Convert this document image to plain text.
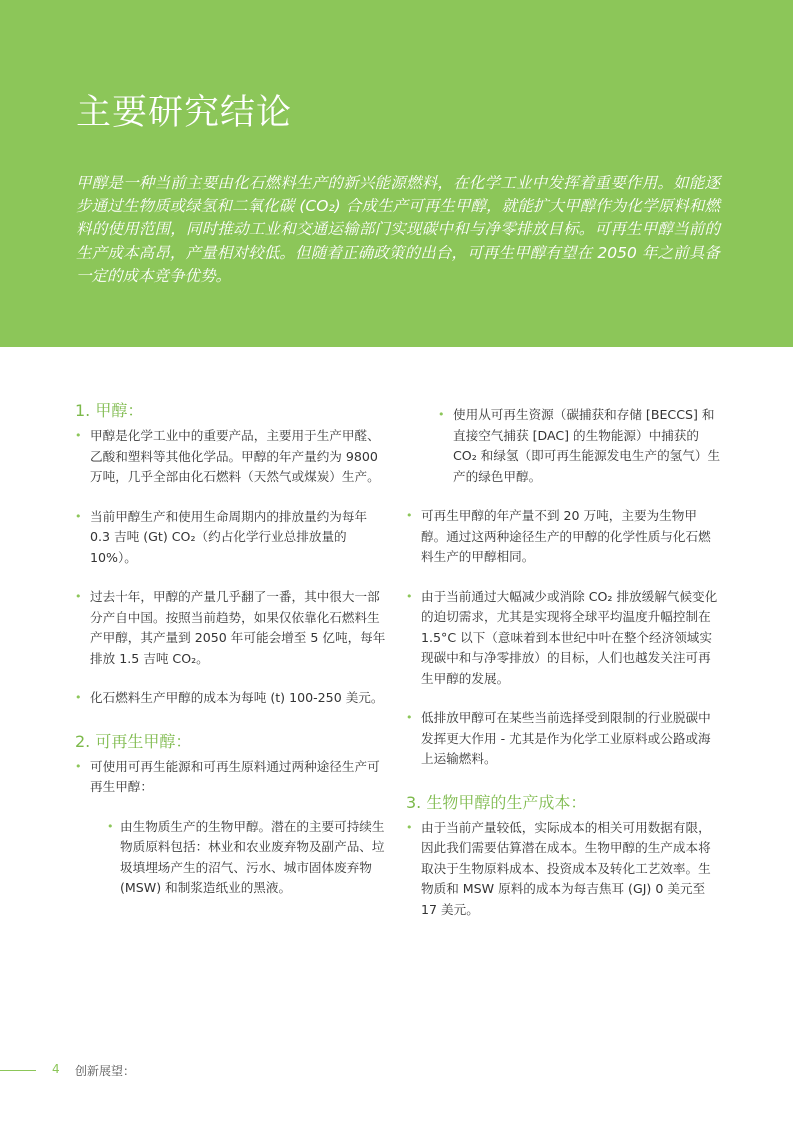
主要研究结论

甲醇是一种当前主要由化石燃料生产的新兴能源燃料，在化学工业中发挥着重要作用。如能逐步通过生物质或绿氢和二氧化碳 (CO₂) 合成生产可再生甲醇，就能扩大甲醇作为化学原料和燃料的使用范围，同时推动工业和交通运输部门实现碳中和与净零排放目标。可再生甲醇当前的生产成本高昂，产量相对较低。但随着正确政策的出台，可再生甲醇有望在 2050 年之前具备一定的成本竞争优势。

1. 甲醇：
• 甲醇是化学工业中的重要产品，主要用于生产甲醛、乙酸和塑料等其他化学品。甲醇的年产量约为 9800 万吨，几乎全部由化石燃料（天然气或煤炭）生产。
• 当前甲醇生产和使用生命周期内的排放量约为每年 0.3 吉吨 (Gt) CO₂（约占化学行业总排放量的 10%）。
• 过去十年，甲醇的产量几乎翻了一番，其中很大一部分产自中国。按照当前趋势，如果仅依靠化石燃料生产甲醇，其产量到 2050 年可能会增至 5 亿吨，每年排放 1.5 吉吨 CO₂。
• 化石燃料生产甲醇的成本为每吨 (t) 100-250 美元。
2. 可再生甲醇：
• 可使用可再生能源和可再生原料通过两种途径生产可再生甲醇：
• 由生物质生产的生物甲醇。潜在的主要可持续生物质原料包括：林业和农业废弃物及副产品、垃圾填埋场产生的沼气、污水、城市固体废弃物 (MSW) 和制浆造纸业的黑液。
• 使用从可再生资源（碳捕获和存储 [BECCS] 和直接空气捕获 [DAC] 的生物能源）中捕获的 CO₂ 和绿氢（即可再生能源发电生产的氢气）生产的绿色甲醇。
• 可再生甲醇的年产量不到 20 万吨，主要为生物甲醇。通过这两种途径生产的甲醇的化学性质与化石燃料生产的甲醇相同。
• 由于当前通过大幅减少或消除 CO₂ 排放缓解气候变化的迫切需求，尤其是实现将全球平均温度升幅控制在 1.5°C 以下（意味着到本世纪中叶在整个经济领域实现碳中和与净零排放）的目标，人们也越发关注可再生甲醇的发展。
• 低排放甲醇可在某些当前选择受到限制的行业脱碳中发挥更大作用 - 尤其是作为化学工业原料或公路或海上运输燃料。
3. 生物甲醇的生产成本：
• 由于当前产量较低，实际成本的相关可用数据有限，因此我们需要估算潜在成本。生物甲醇的生产成本将取决于生物原料成本、投资成本及转化工艺效率。生物质和 MSW 原料的成本为每吉焦耳 (GJ) 0 美元至 17 美元。
4 创新展望：
